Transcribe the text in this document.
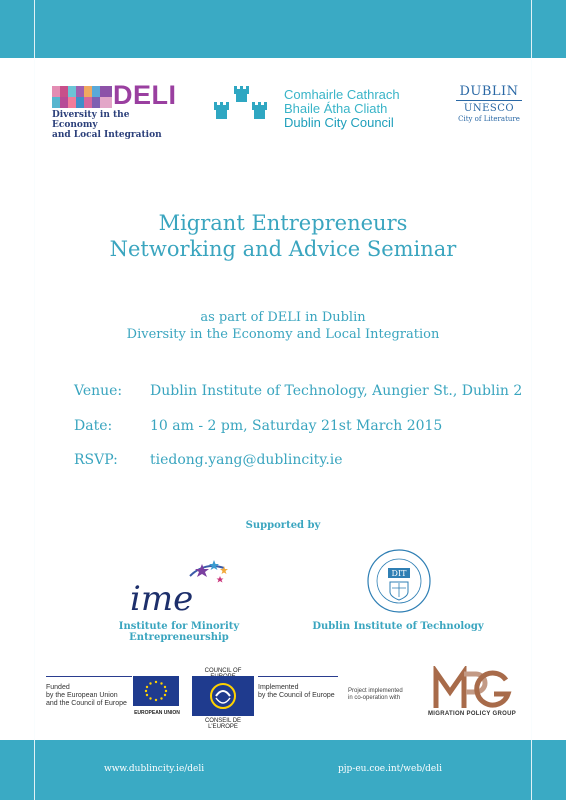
DELI
Diversity in the Economy
and Local Integration
Comhairle Cathrach
Bhaile Átha Cliath
Dublin City Council
DUBLIN
UNESCO
City of Literature
Migrant Entrepreneurs
Networking and Advice Seminar
as part of DELI in Dublin
Diversity in the Economy and Local Integration
Venue: Dublin Institute of Technology, Aungier St., Dublin 2
Date:	10 am - 2 pm, Saturday 21st March 2015
RSVP: tiedong.yang@dublincity.ie
Supported by
ime
Institute for Minority Entrepreneurship
DIT
Dublin Institute of Technology
Funded
by the European Union
and the Council of Europe
EUROPEAN UNION
COUNCIL OF EUROPE
CONSEIL DE L'EUROPE
Implemented
by the Council of Europe
Project implemented
in co-operation with
MIGRATION POLICY GROUP
www.dublincity.ie/deli	pjp-eu.coe.int/web/deli
